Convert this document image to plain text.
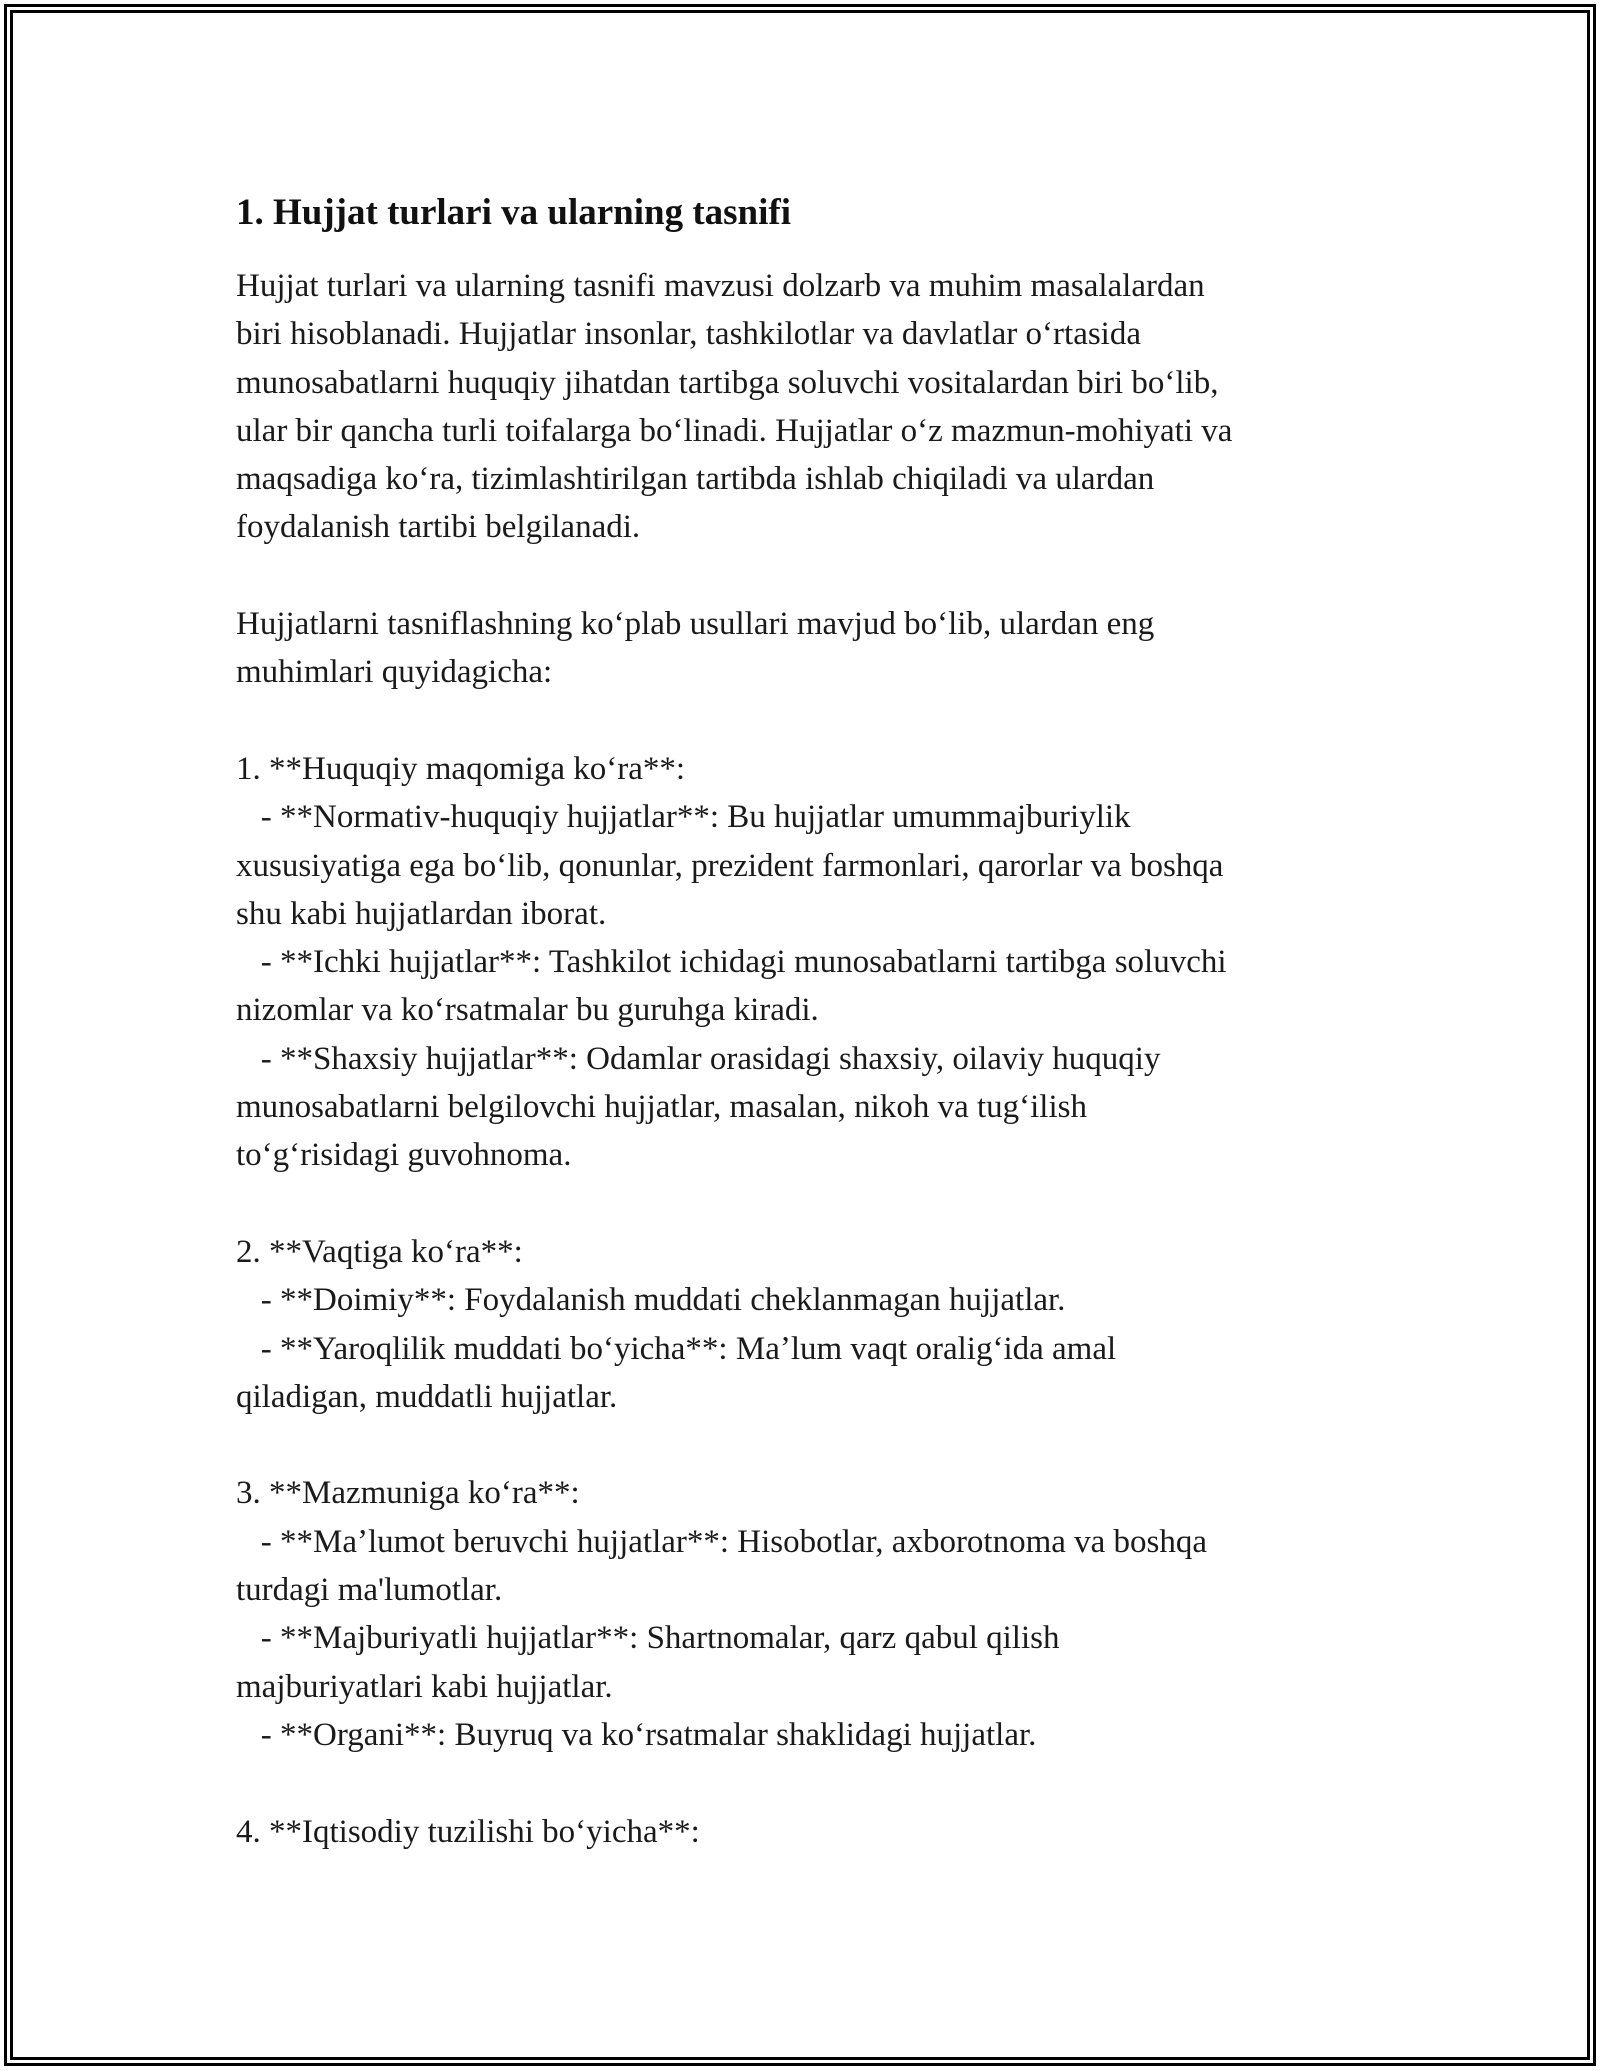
1. Hujjat turlari va ularning tasnifi

Hujjat turlari va ularning tasnifi mavzusi dolzarb va muhim masalalardan
biri hisoblanadi. Hujjatlar insonlar, tashkilotlar va davlatlar oʻrtasida
munosabatlarni huquqiy jihatdan tartibga soluvchi vositalardan biri boʻlib,
ular bir qancha turli toifalarga boʻlinadi. Hujjatlar oʻz mazmun-mohiyati va
maqsadiga koʻra, tizimlashtirilgan tartibda ishlab chiqiladi va ulardan
foydalanish tartibi belgilanadi.

Hujjatlarni tasniflashning koʻplab usullari mavjud boʻlib, ulardan eng
muhimlari quyidagicha:

1. **Huquqiy maqomiga koʻra**:
- **Normativ-huquqiy hujjatlar**: Bu hujjatlar umummajburiylik
xususiyatiga ega boʻlib, qonunlar, prezident farmonlari, qarorlar va boshqa
shu kabi hujjatlardan iborat.
- **Ichki hujjatlar**: Tashkilot ichidagi munosabatlarni tartibga soluvchi
nizomlar va koʻrsatmalar bu guruhga kiradi.
- **Shaxsiy hujjatlar**: Odamlar orasidagi shaxsiy, oilaviy huquqiy
munosabatlarni belgilovchi hujjatlar, masalan, nikoh va tugʻilish
toʻgʻrisidagi guvohnoma.

2. **Vaqtiga koʻra**:
- **Doimiy**: Foydalanish muddati cheklanmagan hujjatlar.
- **Yaroqlilik muddati boʻyicha**: Maʼlum vaqt oraligʻida amal
qiladigan, muddatli hujjatlar.

3. **Mazmuniga koʻra**:
- **Maʼlumot beruvchi hujjatlar**: Hisobotlar, axborotnoma va boshqa
turdagi ma'lumotlar.
- **Majburiyatli hujjatlar**: Shartnomalar, qarz qabul qilish
majburiyatlari kabi hujjatlar.
- **Organi**: Buyruq va koʻrsatmalar shaklidagi hujjatlar.

4. **Iqtisodiy tuzilishi boʻyicha**:
